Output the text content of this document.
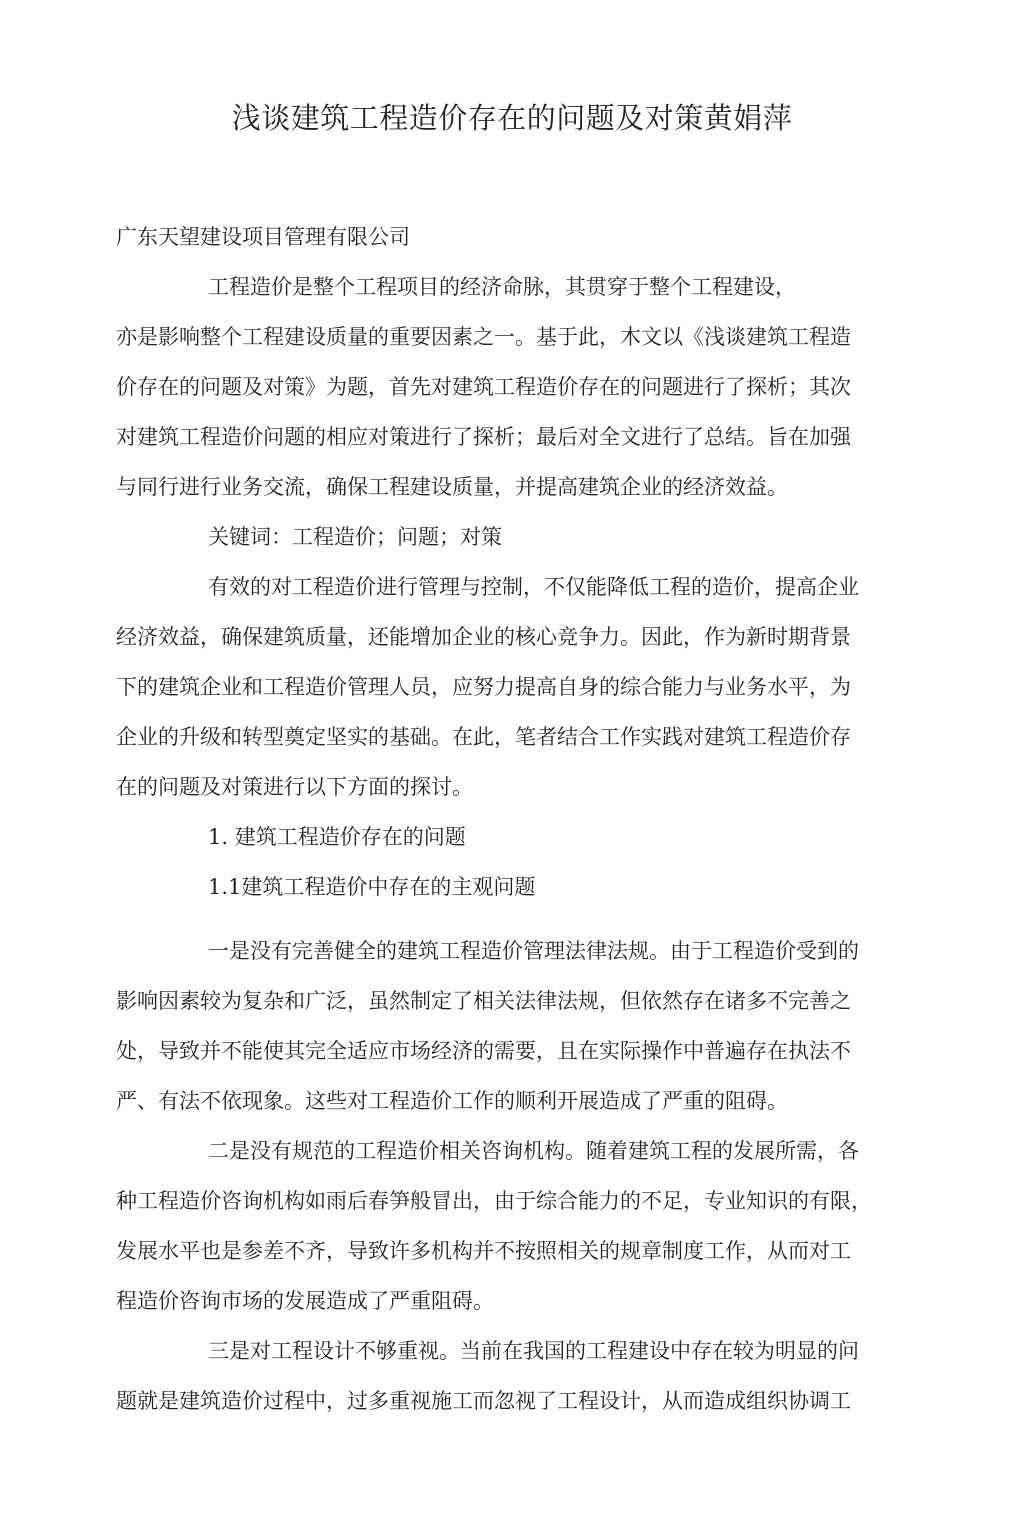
浅谈建筑工程造价存在的问题及对策黄娟萍

广东天望建设项目管理有限公司

工程造价是整个工程项目的经济命脉，其贯穿于整个工程建设，

亦是影响整个工程建设质量的重要因素之一。基于此，木文以《浅谈建筑工程造

价存在的问题及对策》为题，首先对建筑工程造价存在的问题进行了探析；其次

对建筑工程造价问题的相应对策进行了探析；最后对全文进行了总结。旨在加强

与同行进行业务交流，确保工程建设质量，并提高建筑企业的经济效益。

关键词：工程造价；问题；对策

有效的对工程造价进行管理与控制，不仅能降低工程的造价，提高企业

经济效益，确保建筑质量，还能增加企业的核心竞争力。因此，作为新时期背景

下的建筑企业和工程造价管理人员，应努力提高自身的综合能力与业务水平，为

企业的升级和转型奠定坚实的基础。在此，笔者结合工作实践对建筑工程造价存

在的问题及对策进行以下方面的探讨。

1. 建筑工程造价存在的问题

1.1建筑工程造价中存在的主观问题

一是没有完善健全的建筑工程造价管理法律法规。由于工程造价受到的

影响因素较为复杂和广泛，虽然制定了相关法律法规，但依然存在诸多不完善之

处，导致并不能使其完全适应市场经济的需要，且在实际操作中普遍存在执法不

严、有法不依现象。这些对工程造价工作的顺利开展造成了严重的阻碍。

二是没有规范的工程造价相关咨询机构。随着建筑工程的发展所需，各

种工程造价咨询机构如雨后春笋般冒出，由于综合能力的不足，专业知识的有限，

发展水平也是参差不齐，导致许多机构并不按照相关的规章制度工作，从而对工

程造价咨询市场的发展造成了严重阻碍。

三是对工程设计不够重视。当前在我国的工程建设中存在较为明显的问

题就是建筑造价过程中，过多重视施工而忽视了工程设计，从而造成组织协调工
